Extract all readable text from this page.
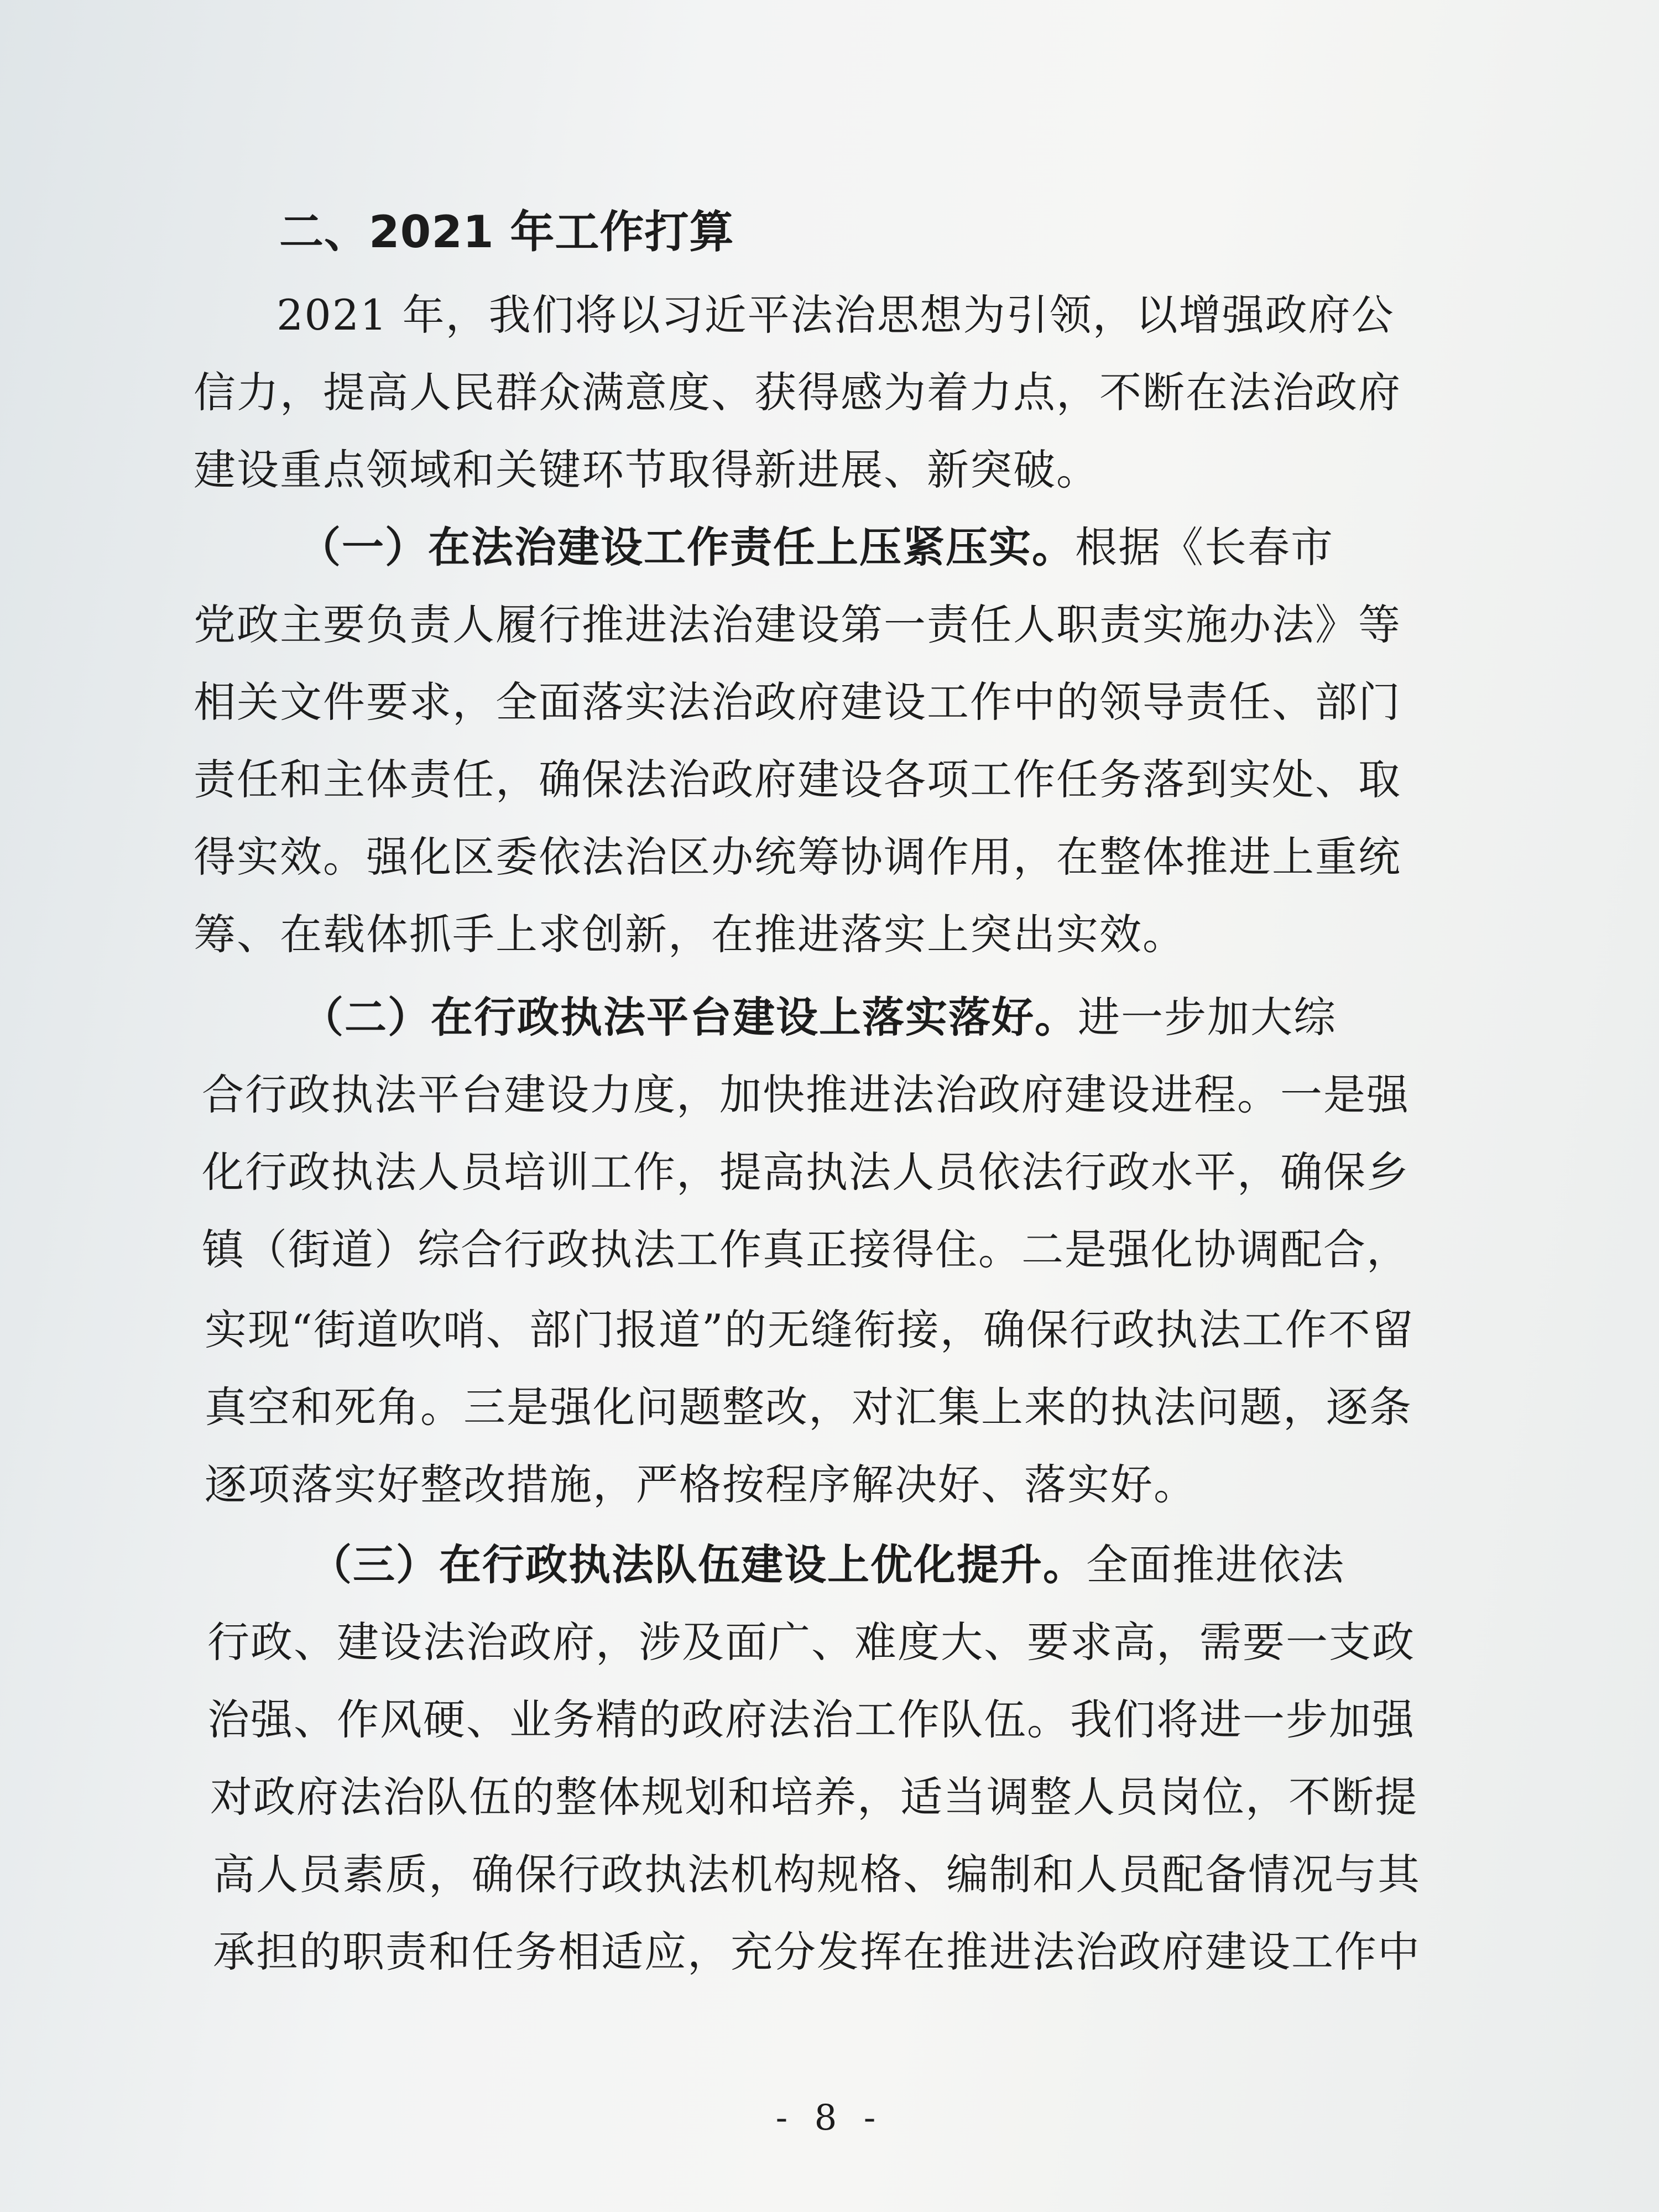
二、2021 年工作打算
2021 年，我们将以习近平法治思想为引领，以增强政府公
信力，提高人民群众满意度、获得感为着力点，不断在法治政府
建设重点领域和关键环节取得新进展、新突破。
（一）在法治建设工作责任上压紧压实。根据《长春市
党政主要负责人履行推进法治建设第一责任人职责实施办法》等
相关文件要求，全面落实法治政府建设工作中的领导责任、部门
责任和主体责任，确保法治政府建设各项工作任务落到实处、取
得实效。强化区委依法治区办统筹协调作用，在整体推进上重统
筹、在载体抓手上求创新，在推进落实上突出实效。
（二）在行政执法平台建设上落实落好。进一步加大综
合行政执法平台建设力度，加快推进法治政府建设进程。一是强
化行政执法人员培训工作，提高执法人员依法行政水平，确保乡
镇（街道）综合行政执法工作真正接得住。二是强化协调配合，
实现“街道吹哨、部门报道”的无缝衔接，确保行政执法工作不留
真空和死角。三是强化问题整改，对汇集上来的执法问题，逐条
逐项落实好整改措施，严格按程序解决好、落实好。
（三）在行政执法队伍建设上优化提升。全面推进依法
行政、建设法治政府，涉及面广、难度大、要求高，需要一支政
治强、作风硬、业务精的政府法治工作队伍。我们将进一步加强
对政府法治队伍的整体规划和培养，适当调整人员岗位，不断提
高人员素质，确保行政执法机构规格、编制和人员配备情况与其
承担的职责和任务相适应，充分发挥在推进法治政府建设工作中
- 8 -
